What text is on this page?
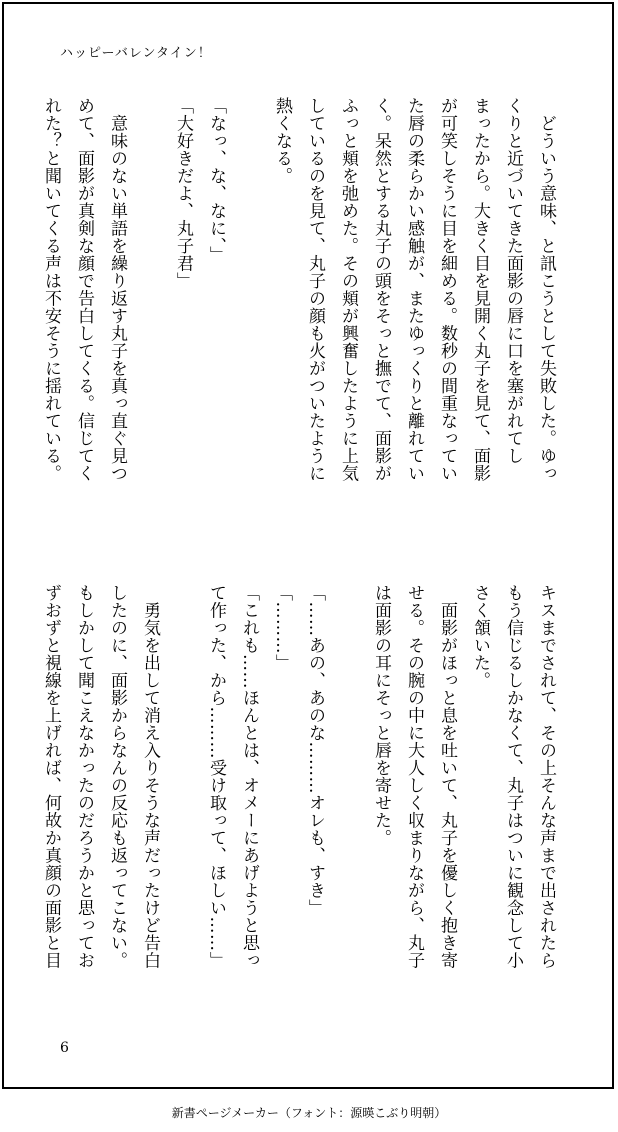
ハッピーバレンタイン！
　どういう意味、と訊こうとして失敗した。ゆっ
くりと近づいてきた面影の唇に口を塞がれてし
まったから。大きく目を見開く丸子を見て、面影
が可笑しそうに目を細める。数秒の間重なってい
た唇の柔らかい感触が、またゆっくりと離れてい
く。呆然とする丸子の頭をそっと撫でて、面影が
ふっと頬を弛めた。その頬が興奮したように上気
しているのを見て、丸子の顔も火がついたように
熱くなる。
「なっ、な、なに、」
「大好きだよ、丸子君」
　意味のない単語を繰り返す丸子を真っ直ぐ見つ
めて、面影が真剣な顔で告白してくる。信じてく
れた？と聞いてくる声は不安そうに揺れている。
キスまでされて、その上そんな声まで出されたら
もう信じるしかなくて、丸子はついに観念して小
さく頷いた。
　面影がほっと息を吐いて、丸子を優しく抱き寄
せる。その腕の中に大人しく収まりながら、丸子
は面影の耳にそっと唇を寄せた。
「……あの、あのな………オレも、すき」
「………」
「これも……ほんとは、オメーにあげようと思っ
て作った、から………受け取って、ほしい……」
　勇気を出して消え入りそうな声だったけど告白
したのに、面影からなんの反応も返ってこない。
もしかして聞こえなかったのだろうかと思ってお
ずおずと視線を上げれば、何故か真顔の面影と目
6
新書ページメーカー（フォント：源暎こぶり明朝）
